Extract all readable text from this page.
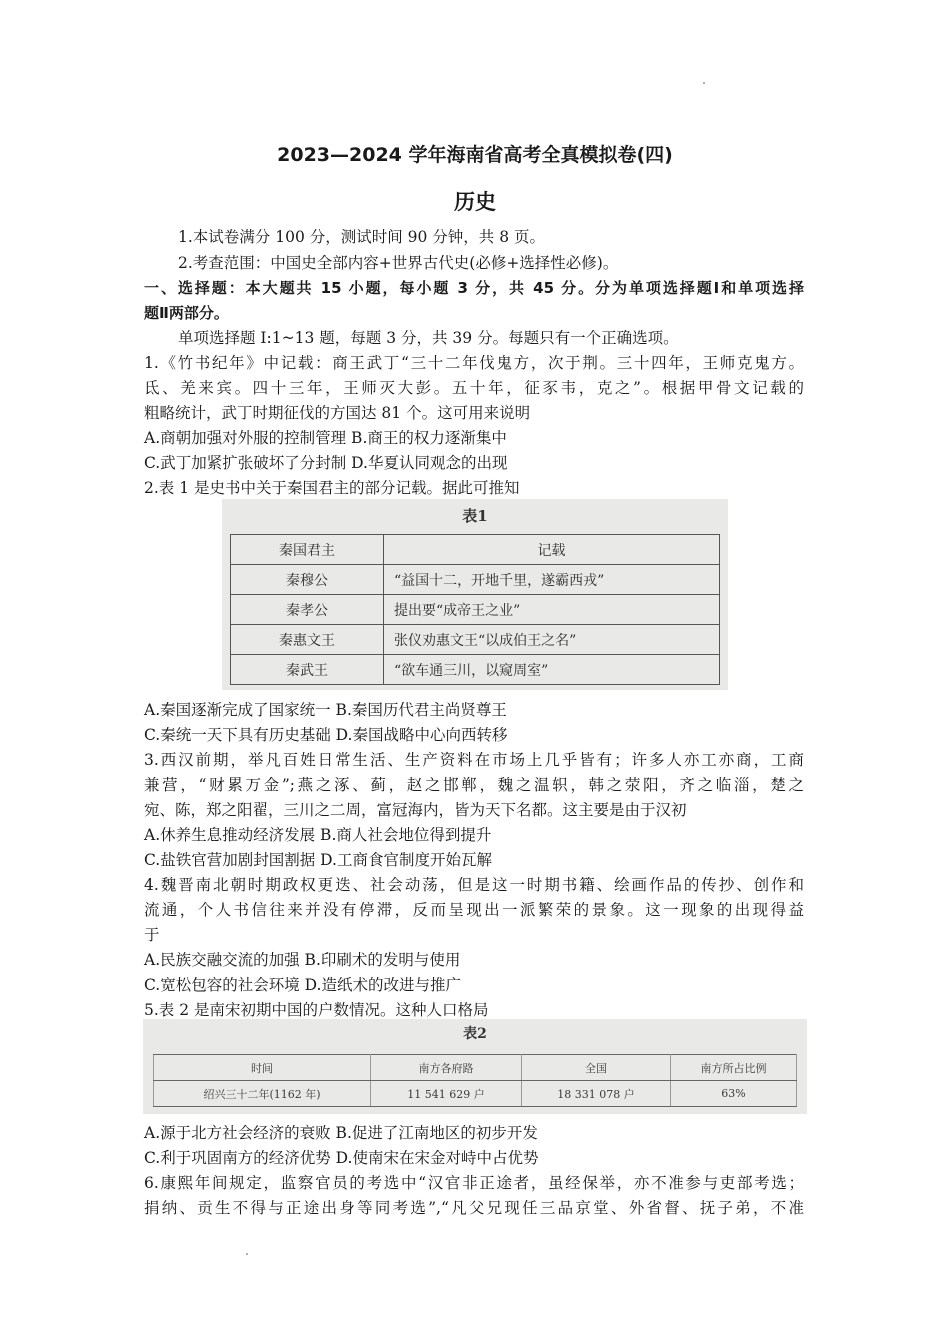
2023—2024 学年海南省高考全真模拟卷(四)
历史
1.本试卷满分 100 分，测试时间 90 分钟，共 8 页。
2.考查范围：中国史全部内容+世界古代史(必修+选择性必修)。
一、选择题：本大题共 15 小题，每小题 3 分，共 45 分。分为单项选择题Ⅰ和单项选择
题Ⅱ两部分。
单项选择题 I:1~13 题，每题 3 分，共 39 分。每题只有一个正确选项。
1.《竹书纪年》中记载：商王武丁“三十二年伐鬼方，次于荆。三十四年，王师克鬼方。
氐、羌来宾。四十三年，王师灭大彭。五十年，征豕韦，克之”。根据甲骨文记载的
粗略统计，武丁时期征伐的方国达 81 个。这可用来说明
A.商朝加强对外服的控制管理 B.商王的权力逐渐集中
C.武丁加紧扩张破坏了分封制 D.华夏认同观念的出现
2.表 1 是史书中关于秦国君主的部分记载。据此可推知
表1
秦国君主	记载
秦穆公	“益国十二，开地千里，遂霸西戎”
秦孝公	提出要“成帝王之业”
秦惠文王	张仪劝惠文王“以成伯王之名”
秦武王	“欲车通三川，以窥周室”
A.秦国逐渐完成了国家统一 B.秦国历代君主尚贤尊王
C.秦统一天下具有历史基础 D.秦国战略中心向西转移
3.西汉前期，举凡百姓日常生活、生产资料在市场上几乎皆有；许多人亦工亦商，工商
兼营，“财累万金”;燕之涿、蓟，赵之邯郸，魏之温轵，韩之荥阳，齐之临淄，楚之
宛、陈，郑之阳翟，三川之二周，富冠海内，皆为天下名都。这主要是由于汉初
A.休养生息推动经济发展 B.商人社会地位得到提升
C.盐铁官营加剧封国割据 D.工商食官制度开始瓦解
4.魏晋南北朝时期政权更迭、社会动荡，但是这一时期书籍、绘画作品的传抄、创作和
流通，个人书信往来并没有停滞，反而呈现出一派繁荣的景象。这一现象的出现得益
于
A.民族交融交流的加强 B.印刷术的发明与使用
C.宽松包容的社会环境 D.造纸术的改进与推广
5.表 2 是南宋初期中国的户数情况。这种人口格局
表2
时间	南方各府路	全国	南方所占比例
绍兴三十二年(1162 年)	11 541 629 户	18 331 078 户	63%
A.源于北方社会经济的衰败 B.促进了江南地区的初步开发
C.利于巩固南方的经济优势 D.使南宋在宋金对峙中占优势
6.康熙年间规定，监察官员的考选中“汉官非正途者，虽经保举，亦不准参与吏部考选；
捐纳、贡生不得与正途出身等同考选”,“凡父兄现任三品京堂、外省督、抚子弟，不准
